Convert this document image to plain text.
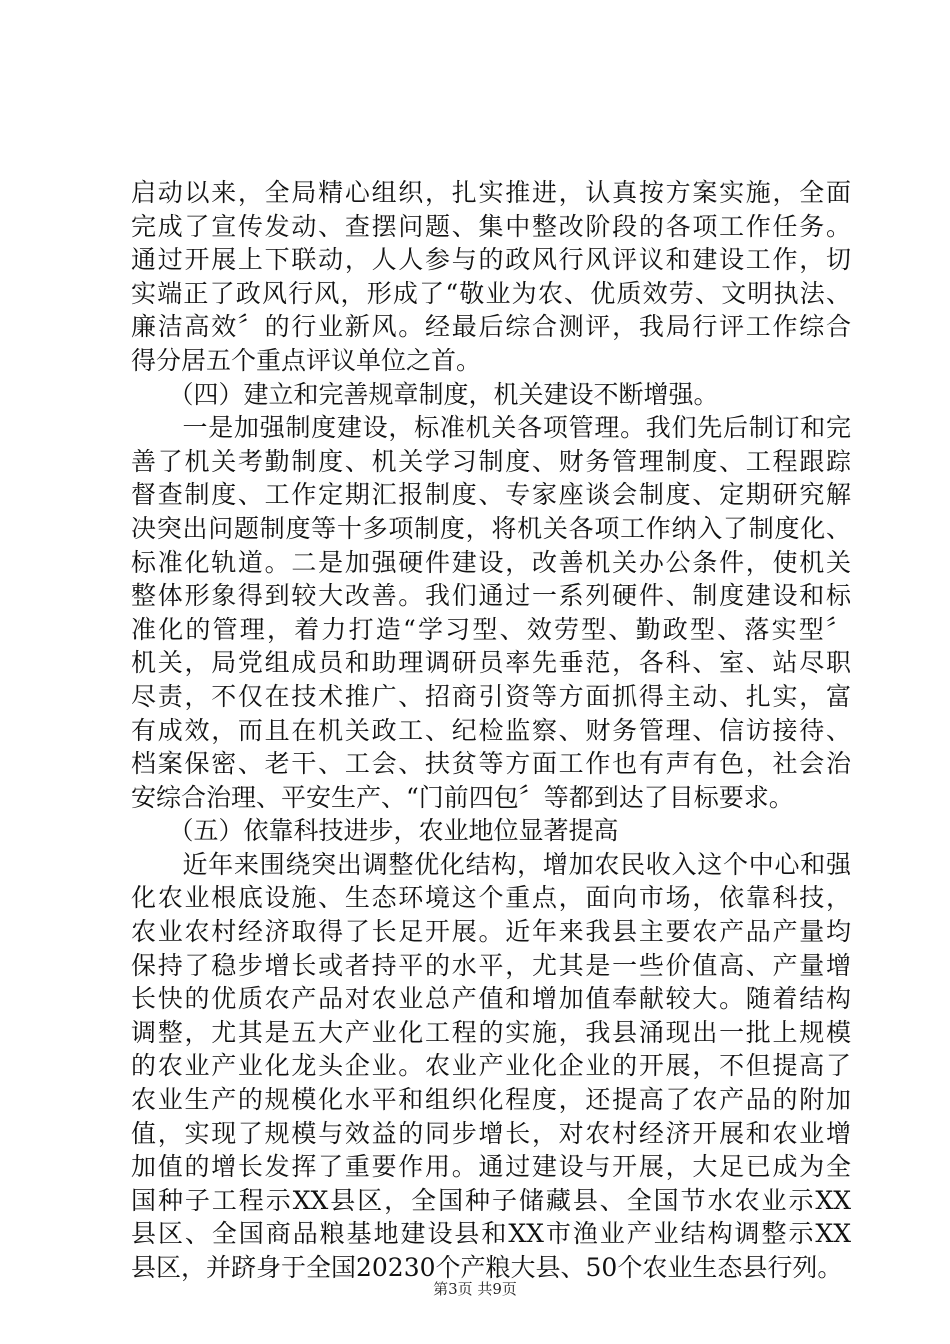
启动以来，全局精心组织，扎实推进，认真按方案实施，全面
完成了宣传发动、查摆问题、集中整改阶段的各项工作任务。
通过开展上下联动，人人参与的政风行风评议和建设工作，切
实端正了政风行风，形成了“敬业为农、优质效劳、文明执法、
廉洁高效〞的行业新风。经最后综合测评，我局行评工作综合
得分居五个重点评议单位之首。
　　（四）建立和完善规章制度，机关建设不断增强。
　　一是加强制度建设，标准机关各项管理。我们先后制订和完
善了机关考勤制度、机关学习制度、财务管理制度、工程跟踪
督查制度、工作定期汇报制度、专家座谈会制度、定期研究解
决突出问题制度等十多项制度，将机关各项工作纳入了制度化、
标准化轨道。二是加强硬件建设，改善机关办公条件，使机关
整体形象得到较大改善。我们通过一系列硬件、制度建设和标
准化的管理，着力打造“学习型、效劳型、勤政型、落实型〞
机关，局党组成员和助理调研员率先垂范，各科、室、站尽职
尽责，不仅在技术推广、招商引资等方面抓得主动、扎实，富
有成效，而且在机关政工、纪检监察、财务管理、信访接待、
档案保密、老干、工会、扶贫等方面工作也有声有色，社会治
安综合治理、平安生产、“门前四包〞等都到达了目标要求。
　　（五）依靠科技进步，农业地位显著提高
　　近年来围绕突出调整优化结构，增加农民收入这个中心和强
化农业根底设施、生态环境这个重点，面向市场，依靠科技，
农业农村经济取得了长足开展。近年来我县主要农产品产量均
保持了稳步增长或者持平的水平，尤其是一些价值高、产量增
长快的优质农产品对农业总产值和增加值奉献较大。随着结构
调整，尤其是五大产业化工程的实施，我县涌现出一批上规模
的农业产业化龙头企业。农业产业化企业的开展，不但提高了
农业生产的规模化水平和组织化程度，还提高了农产品的附加
值，实现了规模与效益的同步增长，对农村经济开展和农业增
加值的增长发挥了重要作用。通过建设与开展，大足已成为全
国种子工程示XX县区，全国种子储藏县、全国节水农业示XX
县区、全国商品粮基地建设县和XX市渔业产业结构调整示XX
县区，并跻身于全国20230个产粮大县、50个农业生态县行列。
第3页 共9页
